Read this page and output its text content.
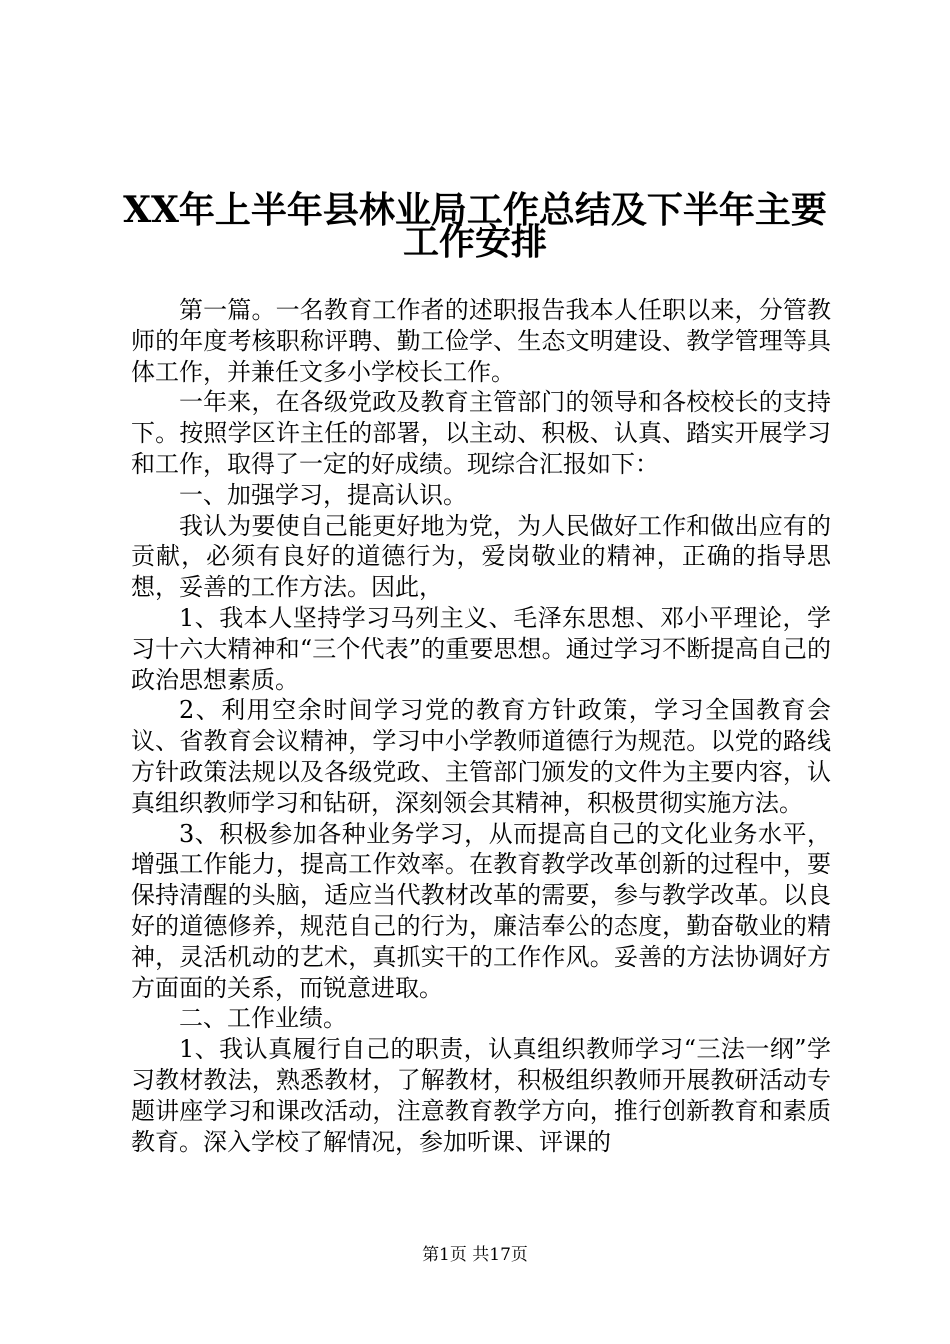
XX年上半年县林业局工作总结及下半年主要
工作安排

第一篇。一名教育工作者的述职报告我本人任职以来，分管教师的年度考核职称评聘、勤工俭学、生态文明建设、教学管理等具体工作，并兼任文多小学校长工作。

一年来，在各级党政及教育主管部门的领导和各校校长的支持下。按照学区许主任的部署，以主动、积极、认真、踏实开展学习和工作，取得了一定的好成绩。现综合汇报如下：

一、加强学习，提高认识。

我认为要使自己能更好地为党，为人民做好工作和做出应有的贡献，必须有良好的道德行为，爱岗敬业的精神，正确的指导思想，妥善的工作方法。因此，

1、我本人坚持学习马列主义、毛泽东思想、邓小平理论，学习十六大精神和“三个代表”的重要思想。通过学习不断提高自己的政治思想素质。

2、利用空余时间学习党的教育方针政策，学习全国教育会议、省教育会议精神，学习中小学教师道德行为规范。以党的路线方针政策法规以及各级党政、主管部门颁发的文件为主要内容，认真组织教师学习和钻研，深刻领会其精神，积极贯彻实施方法。

3、积极参加各种业务学习，从而提高自己的文化业务水平，增强工作能力，提高工作效率。在教育教学改革创新的过程中，要保持清醒的头脑，适应当代教材改革的需要，参与教学改革。以良好的道德修养，规范自己的行为，廉洁奉公的态度，勤奋敬业的精神，灵活机动的艺术，真抓实干的工作作风。妥善的方法协调好方方面面的关系，而锐意进取。

二、工作业绩。

1、我认真履行自己的职责，认真组织教师学习“三法一纲”学习教材教法，熟悉教材，了解教材，积极组织教师开展教研活动专题讲座学习和课改活动，注意教育教学方向，推行创新教育和素质教育。深入学校了解情况，参加听课、评课的

第1页 共17页
